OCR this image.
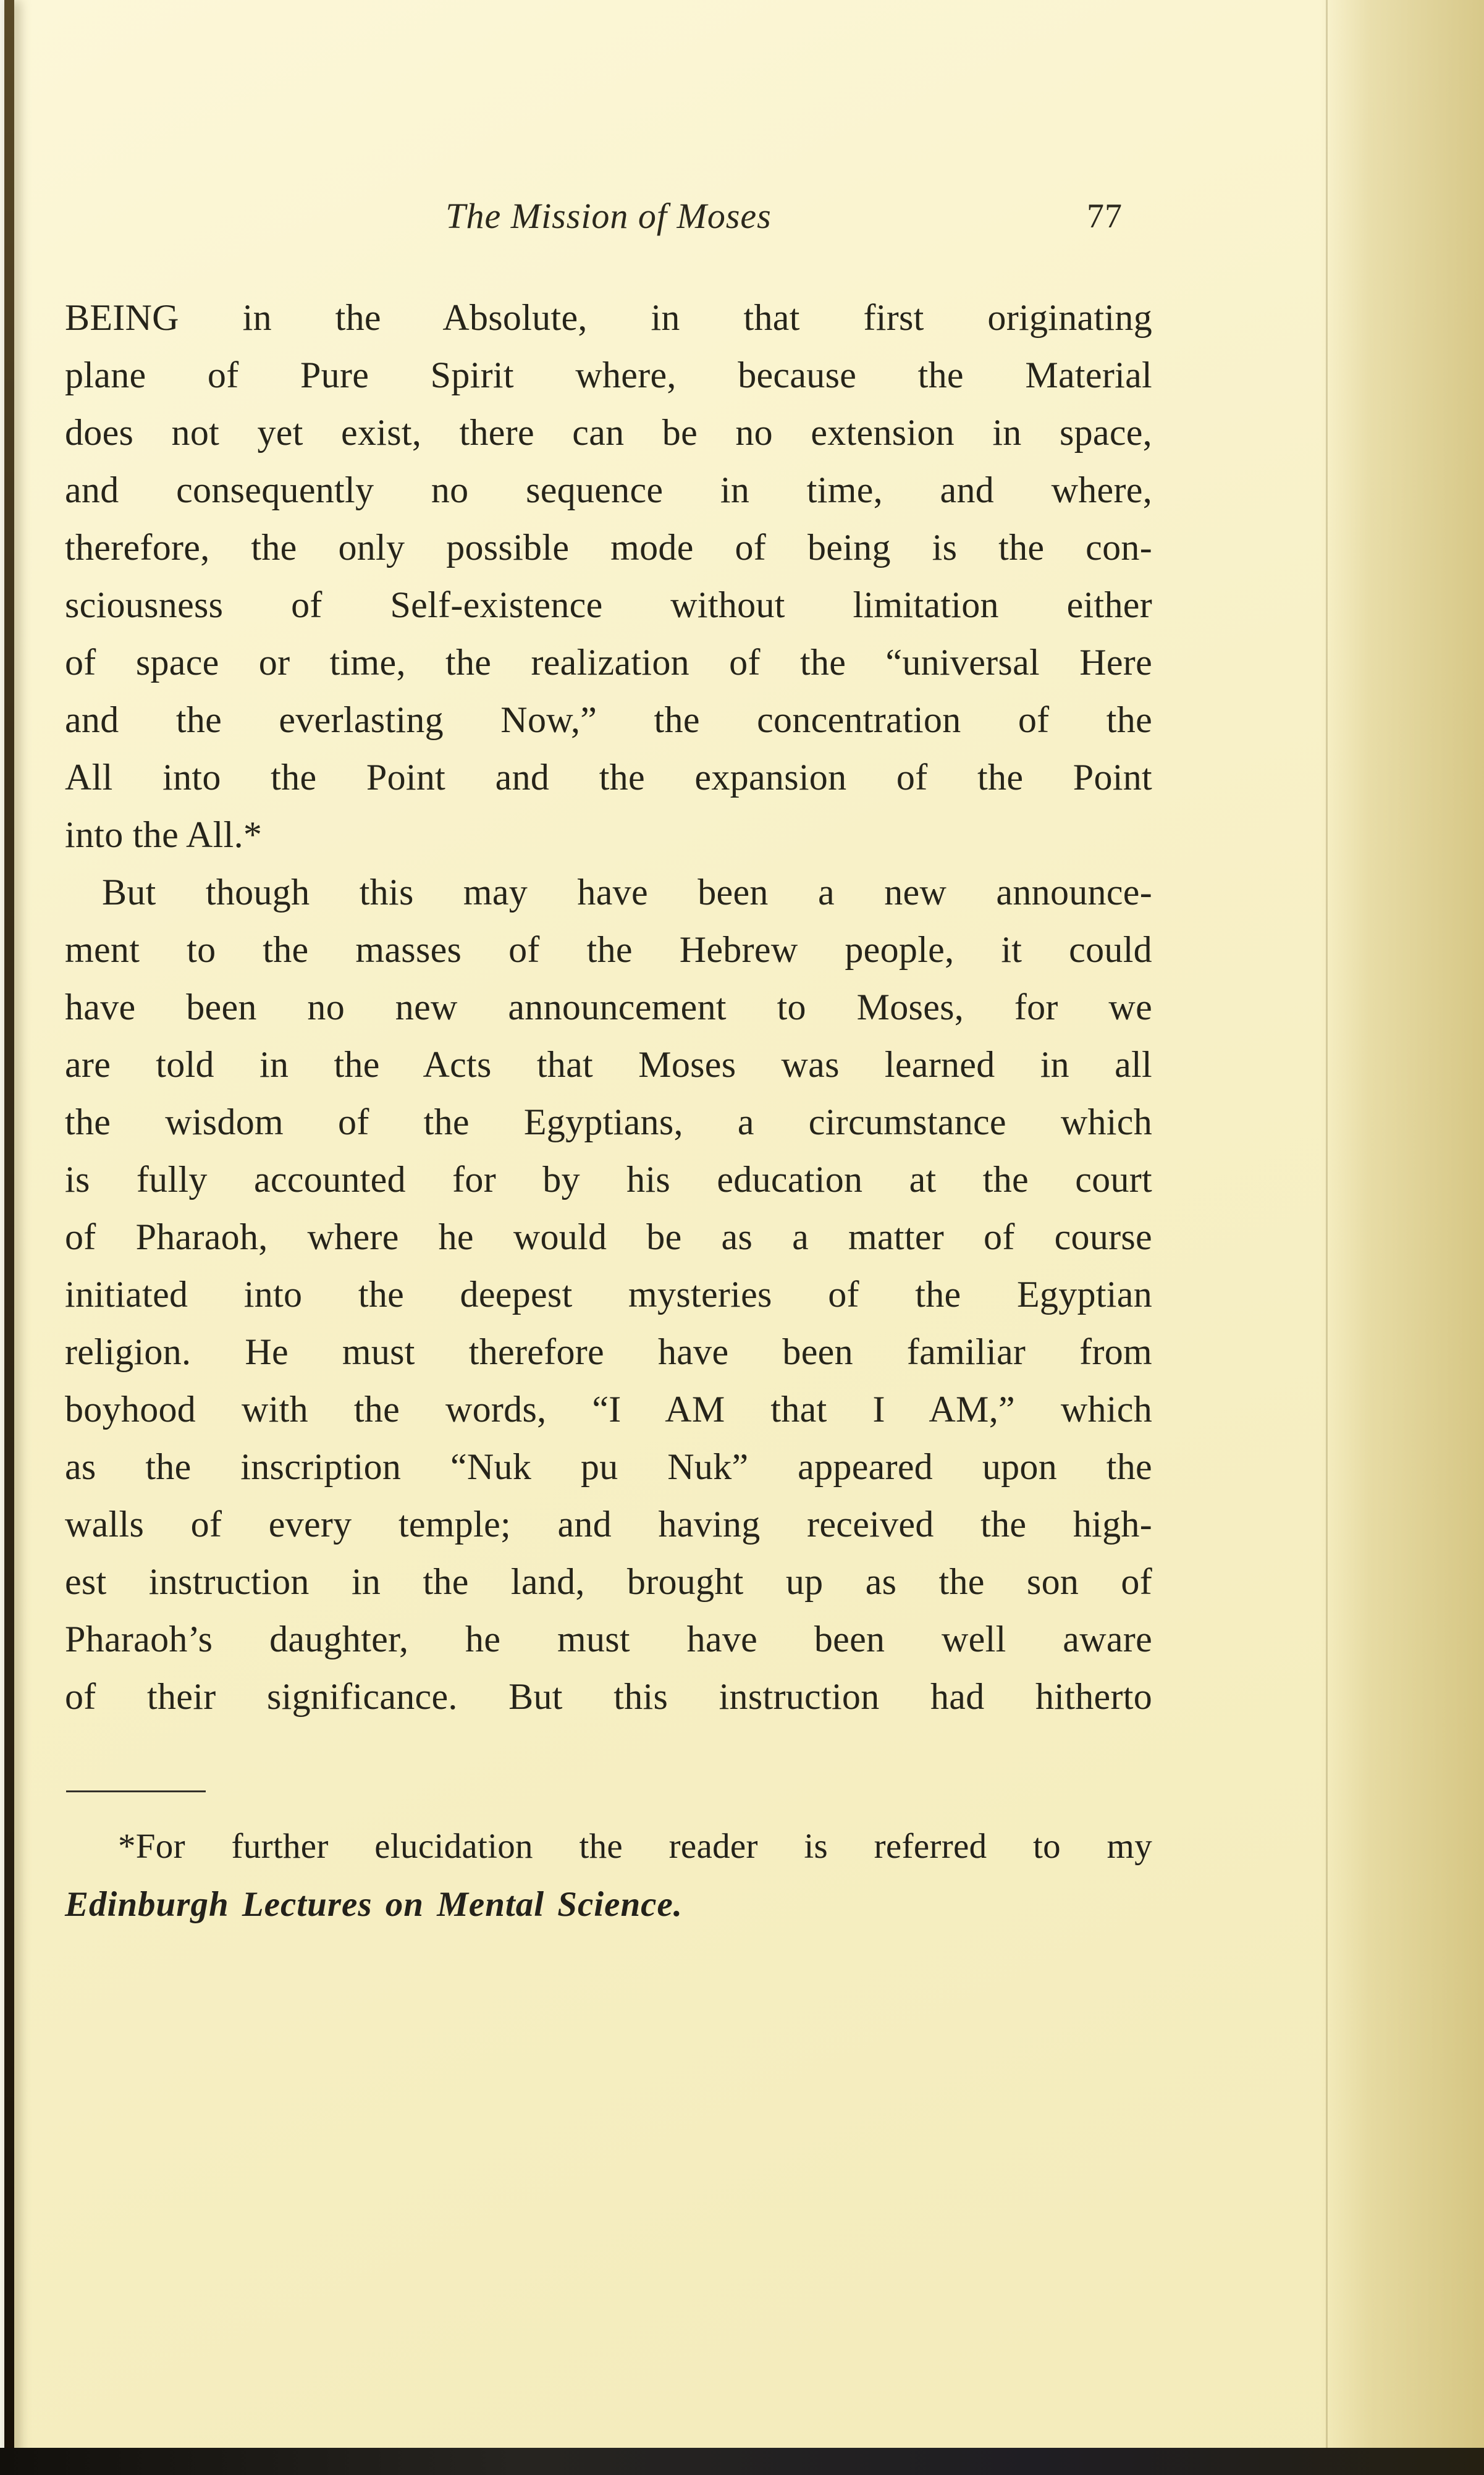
The Mission of Moses	77
BEING in the Absolute, in that first originating
plane of Pure Spirit where, because the Material
does not yet exist, there can be no extension in space,
and consequently no sequence in time, and where,
therefore, the only possible mode of being is the con-
sciousness of Self-existence without limitation either
of space or time, the realization of the “universal Here
and the everlasting Now,” the concentration of the
All into the Point and the expansion of the Point
into the All.*
But though this may have been a new announce-
ment to the masses of the Hebrew people, it could
have been no new announcement to Moses, for we
are told in the Acts that Moses was learned in all
the wisdom of the Egyptians, a circumstance which
is fully accounted for by his education at the court
of Pharaoh, where he would be as a matter of course
initiated into the deepest mysteries of the Egyptian
religion. He must therefore have been familiar from
boyhood with the words, “I AM that I AM,” which
as the inscription “Nuk pu Nuk” appeared upon the
walls of every temple; and having received the high-
est instruction in the land, brought up as the son of
Pharaoh’s daughter, he must have been well aware
of their significance. But this instruction had hitherto
*For further elucidation the reader is referred to my
Edinburgh Lectures on Mental Science.
